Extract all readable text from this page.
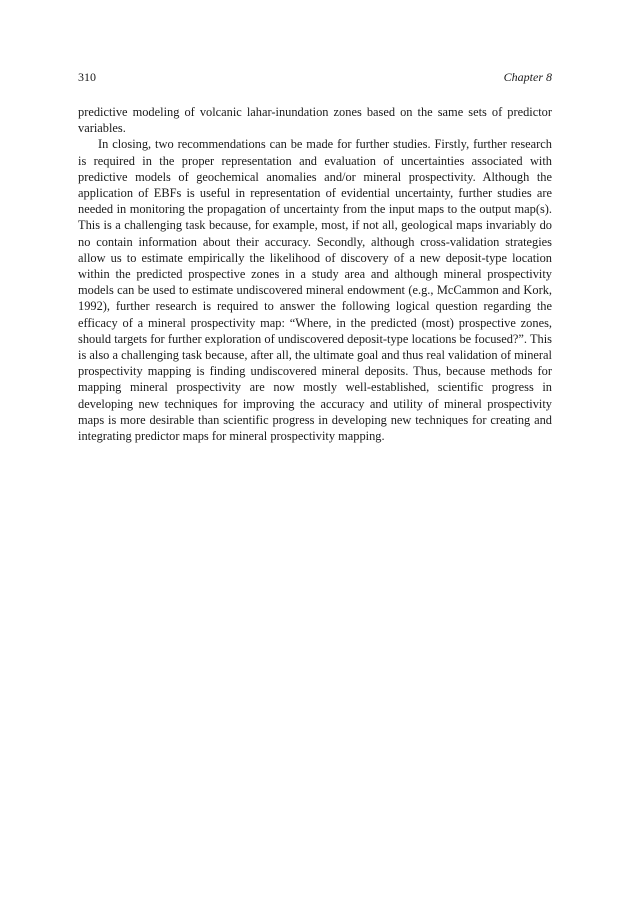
310	Chapter 8

predictive modeling of volcanic lahar-inundation zones based on the same sets of predictor variables.

In closing, two recommendations can be made for further studies. Firstly, further research is required in the proper representation and evaluation of uncertainties associated with predictive models of geochemical anomalies and/or mineral prospectivity. Although the application of EBFs is useful in representation of evidential uncertainty, further studies are needed in monitoring the propagation of uncertainty from the input maps to the output map(s). This is a challenging task because, for example, most, if not all, geological maps invariably do no contain information about their accuracy. Secondly, although cross-validation strategies allow us to estimate empirically the likelihood of discovery of a new deposit-type location within the predicted prospective zones in a study area and although mineral prospectivity models can be used to estimate undiscovered mineral endowment (e.g., McCammon and Kork, 1992), further research is required to answer the following logical question regarding the efficacy of a mineral prospectivity map: “Where, in the predicted (most) prospective zones, should targets for further exploration of undiscovered deposit-type locations be focused?”. This is also a challenging task because, after all, the ultimate goal and thus real validation of mineral prospectivity mapping is finding undiscovered mineral deposits. Thus, because methods for mapping mineral prospectivity are now mostly well-established, scientific progress in developing new techniques for improving the accuracy and utility of mineral prospectivity maps is more desirable than scientific progress in developing new techniques for creating and integrating predictor maps for mineral prospectivity mapping.
